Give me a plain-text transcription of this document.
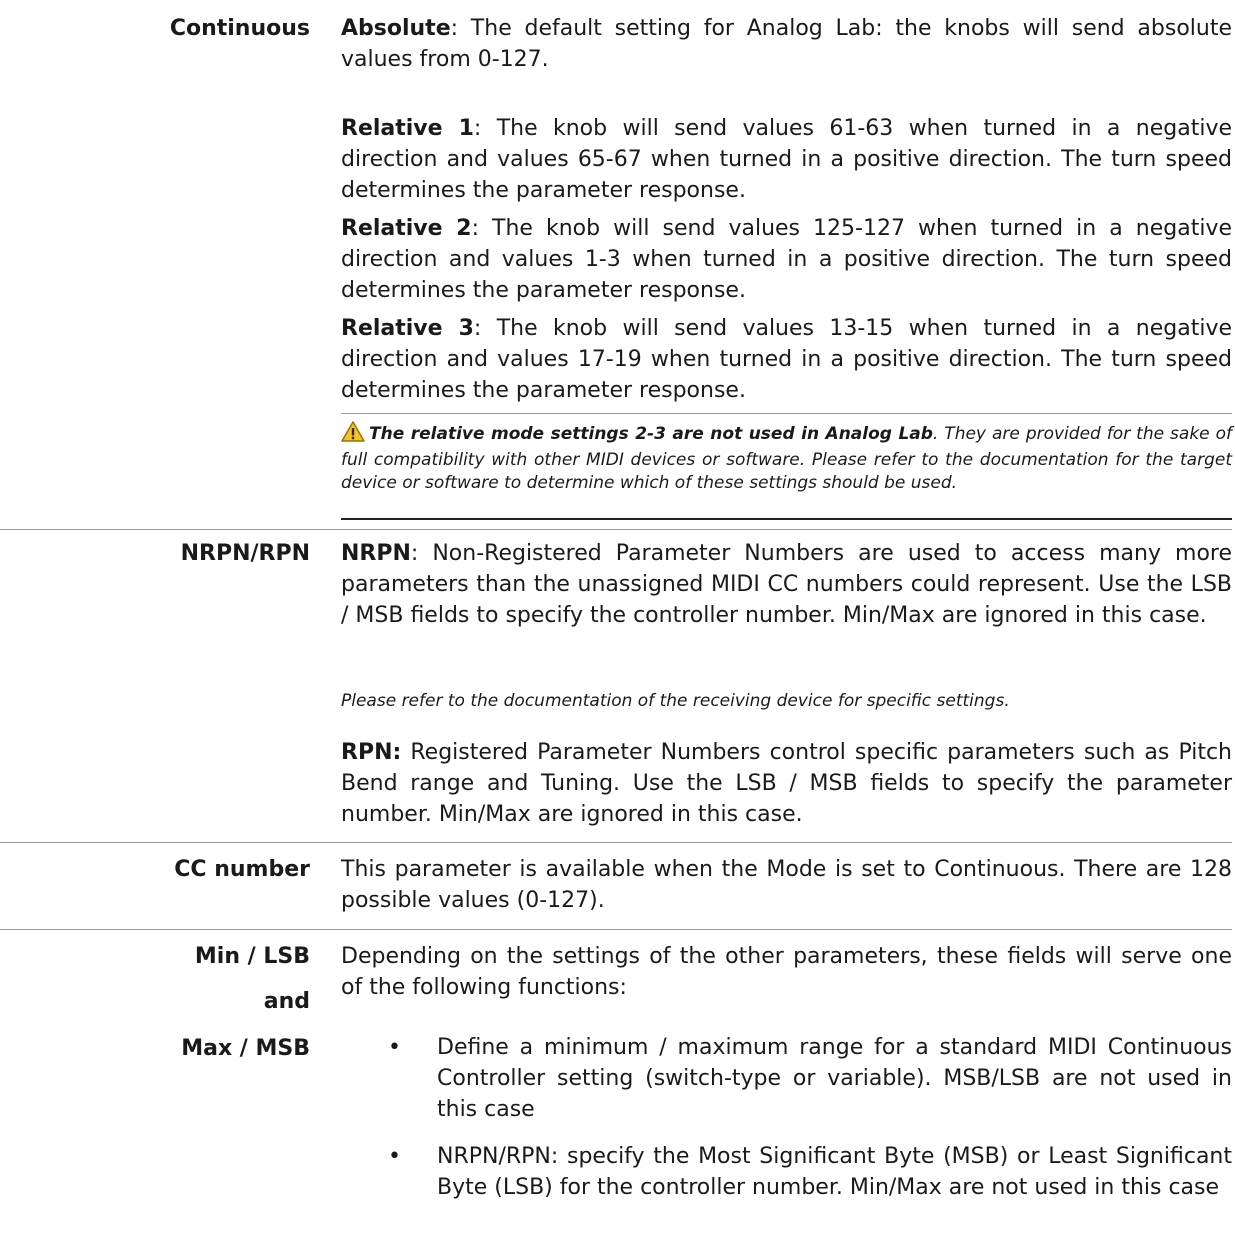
Continuous Absolute: The default setting for Analog Lab: the knobs will send absolute values from 0-127.

Relative 1: The knob will send values 61-63 when turned in a negative direction and values 65-67 when turned in a positive direction. The turn speed determines the parameter response.

Relative 2: The knob will send values 125-127 when turned in a negative direction and values 1-3 when turned in a positive direction. The turn speed determines the parameter response.

Relative 3: The knob will send values 13-15 when turned in a negative direction and values 17-19 when turned in a positive direction. The turn speed determines the parameter response.

The relative mode settings 2-3 are not used in Analog Lab. They are provided for the sake of full compatibility with other MIDI devices or software. Please refer to the documentation for the target device or software to determine which of these settings should be used.
NRPN/RPN NRPN: Non-Registered Parameter Numbers are used to access many more parameters than the unassigned MIDI CC numbers could represent. Use the LSB / MSB fields to specify the controller number. Min/Max are ignored in this case.

Please refer to the documentation of the receiving device for specific settings.

RPN: Registered Parameter Numbers control specific parameters such as Pitch Bend range and Tuning. Use the LSB / MSB fields to specify the parameter number. Min/Max are ignored in this case.

CC number This parameter is available when the Mode is set to Continuous. There are 128 possible values (0-127).

Min / LSB
and
Max / MSB

Depending on the settings of the other parameters, these fields will serve one of the following functions:

• Define a minimum / maximum range for a standard MIDI Continuous Controller setting (switch-type or variable). MSB/LSB are not used in this case

• NRPN/RPN: specify the Most Significant Byte (MSB) or Least Significant Byte (LSB) for the controller number. Min/Max are not used in this case
